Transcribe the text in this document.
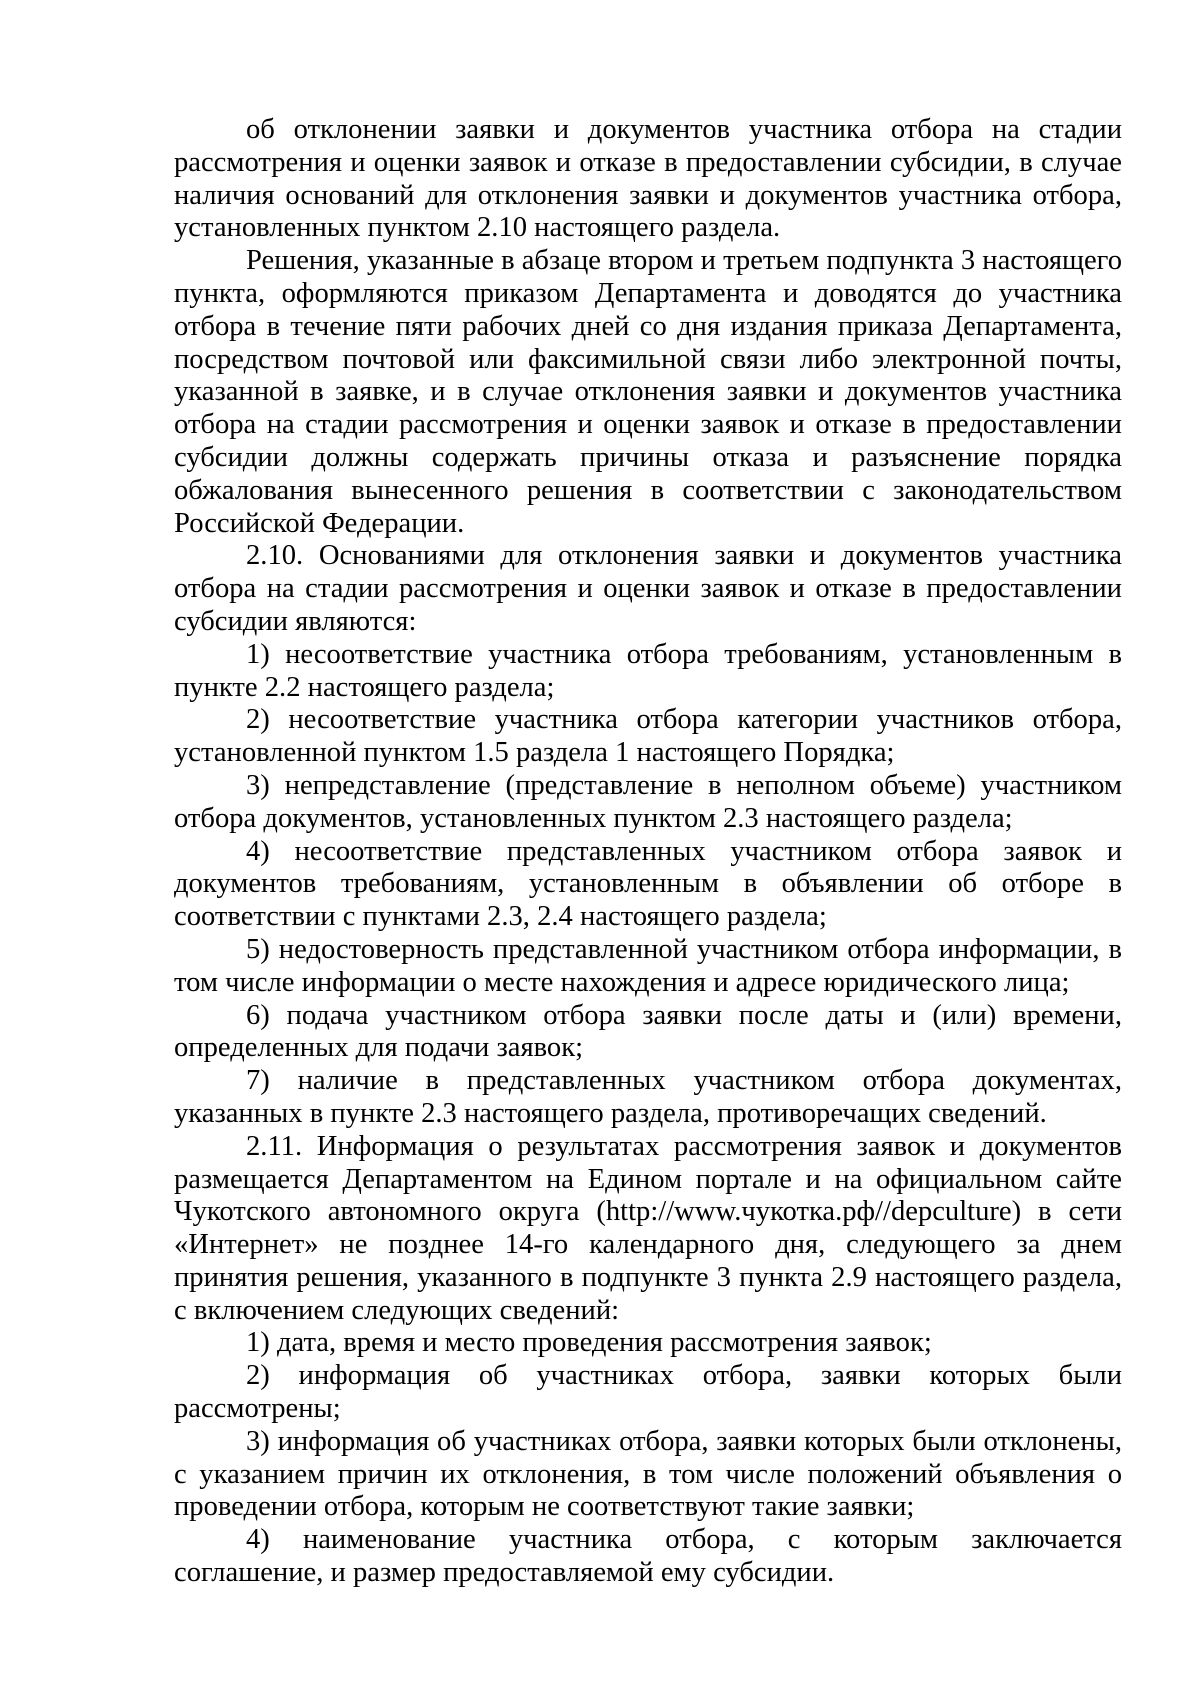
об отклонении заявки и документов участника отбора на стадии рассмотрения и оценки заявок и отказе в предоставлении субсидии, в случае наличия оснований для отклонения заявки и документов участника отбора, установленных пунктом 2.10 настоящего раздела.

Решения, указанные в абзаце втором и третьем подпункта 3 настоящего пункта, оформляются приказом Департамента и доводятся до участника отбора в течение пяти рабочих дней со дня издания приказа Департамента, посредством почтовой или факсимильной связи либо электронной почты, указанной в заявке, и в случае отклонения заявки и документов участника отбора на стадии рассмотрения и оценки заявок и отказе в предоставлении субсидии должны содержать причины отказа и разъяснение порядка обжалования вынесенного решения в соответствии с законодательством Российской Федерации.

2.10. Основаниями для отклонения заявки и документов участника отбора на стадии рассмотрения и оценки заявок и отказе в предоставлении субсидии являются:

1) несоответствие участника отбора требованиям, установленным в пункте 2.2 настоящего раздела;

2) несоответствие участника отбора категории участников отбора, установленной пунктом 1.5 раздела 1 настоящего Порядка;

3) непредставление (представление в неполном объеме) участником отбора документов, установленных пунктом 2.3 настоящего раздела;

4) несоответствие представленных участником отбора заявок и документов требованиям, установленным в объявлении об отборе в соответствии с пунктами 2.3, 2.4 настоящего раздела;

5) недостоверность представленной участником отбора информации, в том числе информации о месте нахождения и адресе юридического лица;

6) подача участником отбора заявки после даты и (или) времени, определенных для подачи заявок;

7) наличие в представленных участником отбора документах, указанных в пункте 2.3 настоящего раздела, противоречащих сведений.

2.11. Информация о результатах рассмотрения заявок и документов размещается Департаментом на Едином портале и на официальном сайте Чукотского автономного округа (http://www.чукотка.рф//depculture) в сети «Интернет» не позднее 14-го календарного дня, следующего за днем принятия решения, указанного в подпункте 3 пункта 2.9 настоящего раздела, с включением следующих сведений:

1) дата, время и место проведения рассмотрения заявок;

2) информация об участниках отбора, заявки которых были рассмотрены;

3) информация об участниках отбора, заявки которых были отклонены, с указанием причин их отклонения, в том числе положений объявления о проведении отбора, которым не соответствуют такие заявки;

4) наименование участника отбора, с которым заключается соглашение, и размер предоставляемой ему субсидии.
